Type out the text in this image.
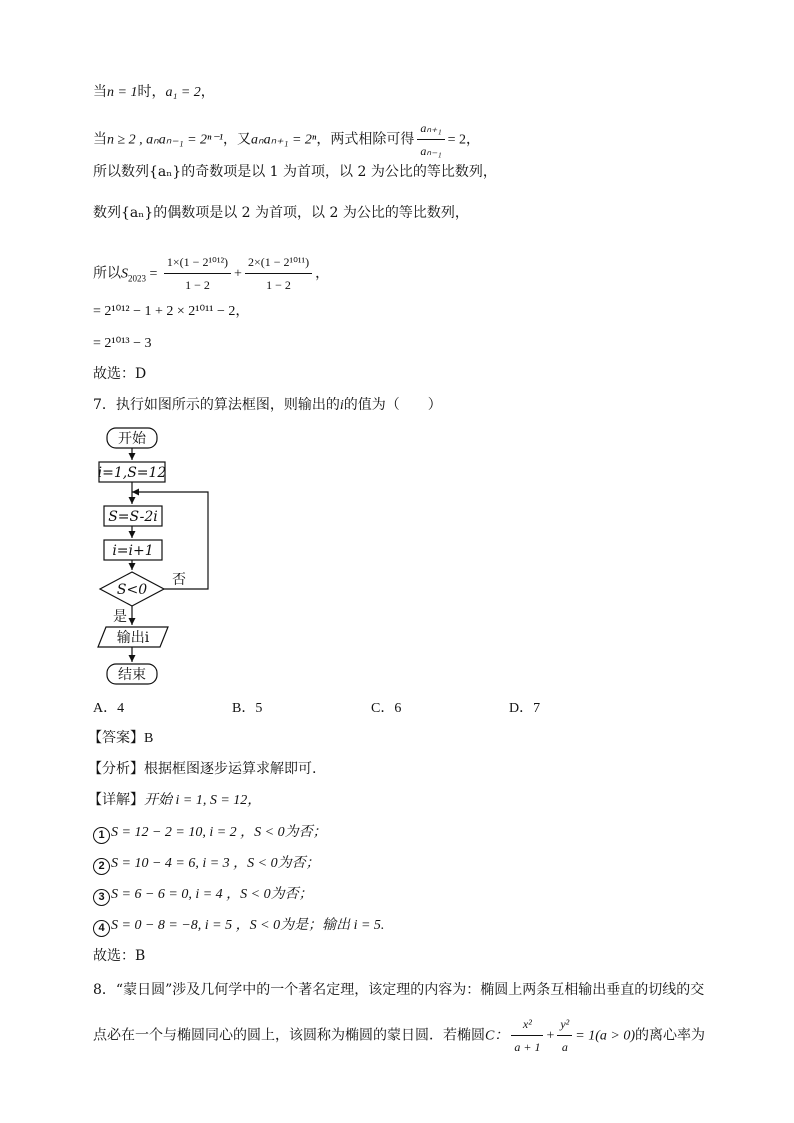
当n = 1时，a₁ = 2，
当n ≥ 2 , aₙaₙ₋₁ = 2ⁿ⁻¹，又aₙaₙ₊₁ = 2ⁿ，两式相除可得 $\frac{\text{aₙ₊₁}}{\text{aₙ₋₁}} = 2$，
所以数列{aₙ}的奇数项是以 1 为首项，以 2 为公比的等比数列，
数列{aₙ}的偶数项是以 2 为首项，以 2 为公比的等比数列，
所以$S_{2023} = \frac{\text{1×(1 − 2¹⁰¹²)}}{1 - 2} + \frac{\text{2×(1 − 2¹⁰¹¹)}}{1 - 2}$ ，
= 2¹⁰¹² − 1 + 2 × 2¹⁰¹¹ − 2，
= 2¹⁰¹³ − 3
故选：D
7．执行如图所示的算法框图，则输出的i的值为（　　）
开始
i=1,S=12
S=S-2i
i=i+1
S<0
否
是
输出i
结束
A．4	B．5	C．6	D．7
【答案】B
【分析】根据框图逐步运算求解即可.
【详解】开始 i = 1, S = 12，
1 S = 12 − 2 = 10, i = 2 ，S < 0为否；
2 S = 10 − 4 = 6, i = 3 ，S < 0为否；
3 S = 6 − 6 = 0, i = 4 ，S < 0为否；
4 S = 0 − 8 = −8, i = 5 ，S < 0为是；输出 i = 5.
故选：B
8．“蒙日圆”涉及几何学中的一个著名定理，该定理的内容为：椭圆上两条互相输出垂直的切线的交
点必在一个与椭圆同心的圆上，该圆称为椭圆的蒙日圆．若椭圆C： $\frac{\text{x²}}{a + 1} + \frac{\text{y²}}{a} = 1(a > 0)$的离心率为
